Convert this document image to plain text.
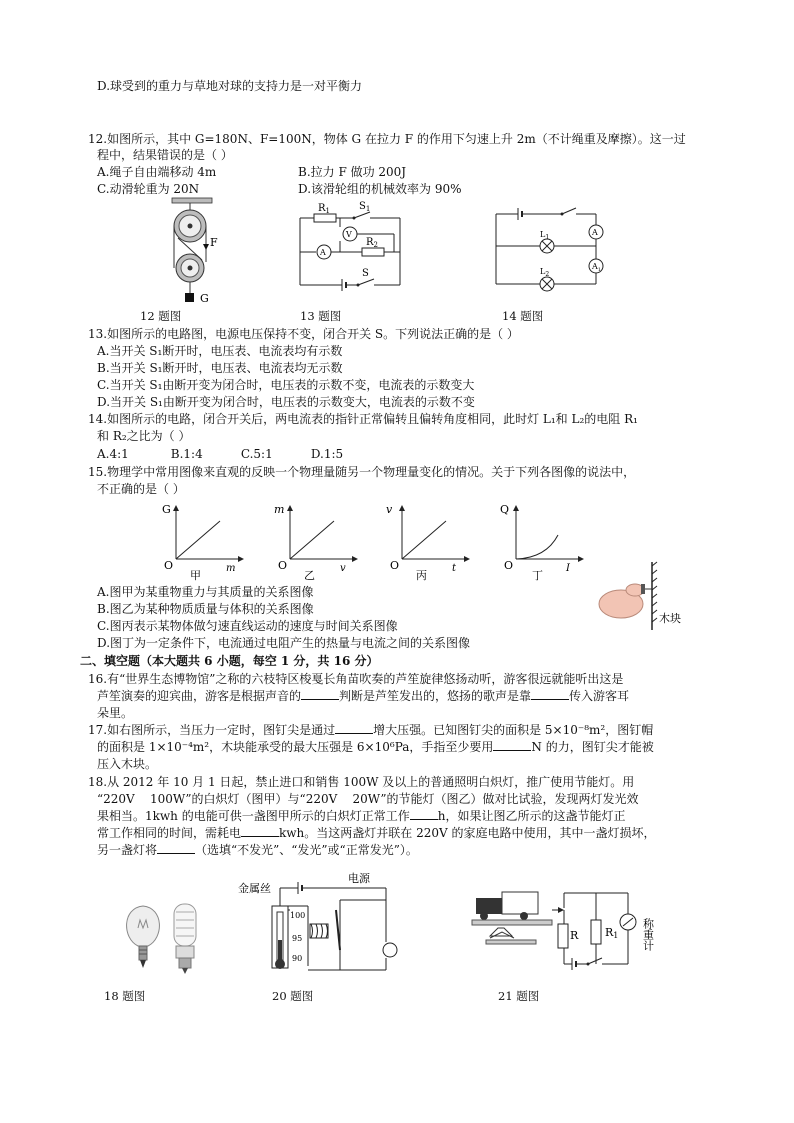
D.球受到的重力与草地对球的支持力是一对平衡力
12.如图所示，其中 G=180N、F=100N，物体 G 在拉力 F 的作用下匀速上升 2m（不计绳重及摩擦）。这一过
程中，结果错误的是（ ）
A.绳子自由端移动 4m	B.拉力 F 做功 200J
C.动滑轮重为 20N	D.该滑轮组的机械效率为 90%
F
G
12 题图
$R_1$	$S_1$
$R_2$
V
A
S
13 题图
$L_1$
$L_2$
A
$A_1$
14 题图
13.如图所示的电路图，电源电压保持不变，闭合开关 S。下列说法正确的是（ ）
A.当开关 S₁断开时，电压表、电流表均有示数
B.当开关 S₁断开时，电压表、电流表均无示数
C.当开关 S₁由断开变为闭合时，电压表的示数不变，电流表的示数变大
D.当开关 S₁由断开变为闭合时，电压表的示数变大，电流表的示数不变
14.如图所示的电路，闭合开关后，两电流表的指针正常偏转且偏转角度相同，此时灯 L₁和 L₂的电阻 R₁
和 R₂之比为（ ）
A.4:1           B.1:4          C.5:1          D.1:5
15.物理学中常用图像来直观的反映一个物理量随另一个物理量变化的情况。关于下列各图像的说法中，
不正确的是（ ）
G
O	m
甲
m
O	v
乙
v
O	t
丙
Q
O	I
丁
木块
A.图甲为某重物重力与其质量的关系图像
B.图乙为某种物质质量与体积的关系图像
C.图丙表示某物体做匀速直线运动的速度与时间关系图像
D.图丁为一定条件下，电流通过电阻产生的热量与电流之间的关系图像
二、填空题（本大题共 6 小题，每空 1 分，共 16 分）
16.有“世界生态博物馆”之称的六枝特区梭戛长角苗吹奏的芦笙旋律悠扬动听，游客很远就能听出这是
芦笙演奏的迎宾曲，游客是根据声音的	判断是芦笙发出的，悠扬的歌声是靠	传入游客耳
朵里。
17.如右图所示，当压力一定时，图钉尖是通过	增大压强。已知图钉尖的面积是 5×10⁻⁸m²，图钉帽
的面积是 1×10⁻⁴m²，木块能承受的最大压强是 6×10⁶Pa，手指至少要用	N 的力，图钉尖才能被
压入木块。
18.从 2012 年 10 月 1 日起，禁止进口和销售 100W 及以上的普通照明白炽灯，推广使用节能灯。用
“220V    100W”的白炽灯（图甲）与“220V    20W”的节能灯（图乙）做对比试验，发现两灯发光效
果相当。1kwh 的电能可供一盏图甲所示的白炽灯正常工作 h，如果让图乙所示的这盏节能灯正
常工作相同的时间，需耗电	kwh。当这两盏灯并联在 220V 的家庭电路中使用，其中一盏灯损坏，
另一盏灯将	（选填“不发光”、“发光”或“正常发光”）。
18 题图
100
95
90
电源
金属丝
20 题图
R R1 称重计
21 题图
